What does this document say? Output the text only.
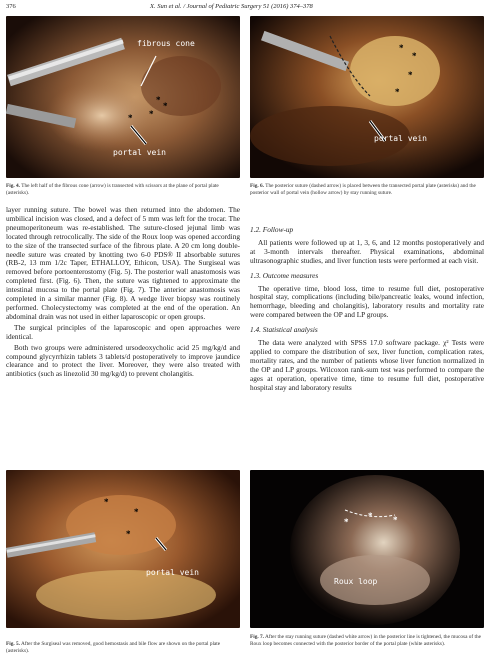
376	X. Sun et al. / Journal of Pediatric Surgery 51 (2016) 374–378
fibrous cone
portal vein
* *
*
*
Fig. 4. The left half of the fibrous cone (arrow) is transected with scissors at the plane of portal plate (asterisks).
portal vein
*
*
*
*
Fig. 6. The posterior suture (dashed arrow) is placed between the transected portal plate (asterisks) and the posterior wall of portal vein (hollow arrow) by stay running suture.

layer running suture. The bowel was then returned into the abdomen. The umbilical incision was closed, and a defect of 5 mm was left for the trocar. The pneumoperitoneum was re-established. The suture-closed jejunal limb was located through retrocolically. The side of the Roux loop was opened according to the size of the transected surface of the fibrous plate. A 20 cm long double-needle suture was created by knotting two 6-0 PDS® II absorbable sutures (RB-2, 13 mm 1/2c Taper, ETHALLOY, Ethicon, USA). The Surgiseal was removed before portoenterostomy (Fig. 5). The posterior wall anastomosis was completed first. (Fig. 6). Then, the suture was tightened to approximate the intestinal mucosa to the portal plate (Fig. 7). The anterior anastomosis was completed in a similar manner (Fig. 8). A wedge liver biopsy was routinely performed. Cholecystectomy was completed at the end of the operation. An abdominal drain was not used in either laparoscopic or open groups.

The surgical principles of the laparoscopic and open approaches were identical.

Both two groups were administered ursodeoxycholic acid 25 mg/kg/d and compound glycyrrhizin tablets 3 tablets/d postoperatively to improve jaundice clearance and to protect the liver. Moreover, they were also treated with antibiotics (such as linezolid 30 mg/kg/d) to prevent cholangitis.

1.2. Follow-up

All patients were followed up at 1, 3, 6, and 12 months postoperatively and at 3-month intervals thereafter. Physical examinations, abdominal ultrasonographic studies, and liver function tests were performed at each visit.

1.3. Outcome measures

The operative time, blood loss, time to resume full diet, postoperative hospital stay, complications (including bile/pancreatic leaks, wound infection, hemorrhage, bleeding and cholangitis), laboratory results and mortality rate were compared between the OP and LP groups.

1.4. Statistical analysis

The data were analyzed with SPSS 17.0 software package. χ² Tests were applied to compare the distribution of sex, liver function, complication rates, mortality rates, and the number of patients whose liver function normalized in the OP and LP groups. Wilcoxon rank-sum test was performed to compare the ages at operation, operative time, time to resume full diet, postoperative hospital stay and laboratory results

portal vein
*
*
*
Fig. 5. After the Surgiseal was removed, good hemostasis and bile flow are shown on the portal plate (asterisks).
Roux loop
*
* *
Fig. 7. After the stay running suture (dashed white arrow) in the posterior line is tightened, the mucosa of the Roux loop becomes connected with the posterior border of the portal plate (white asterisks).
